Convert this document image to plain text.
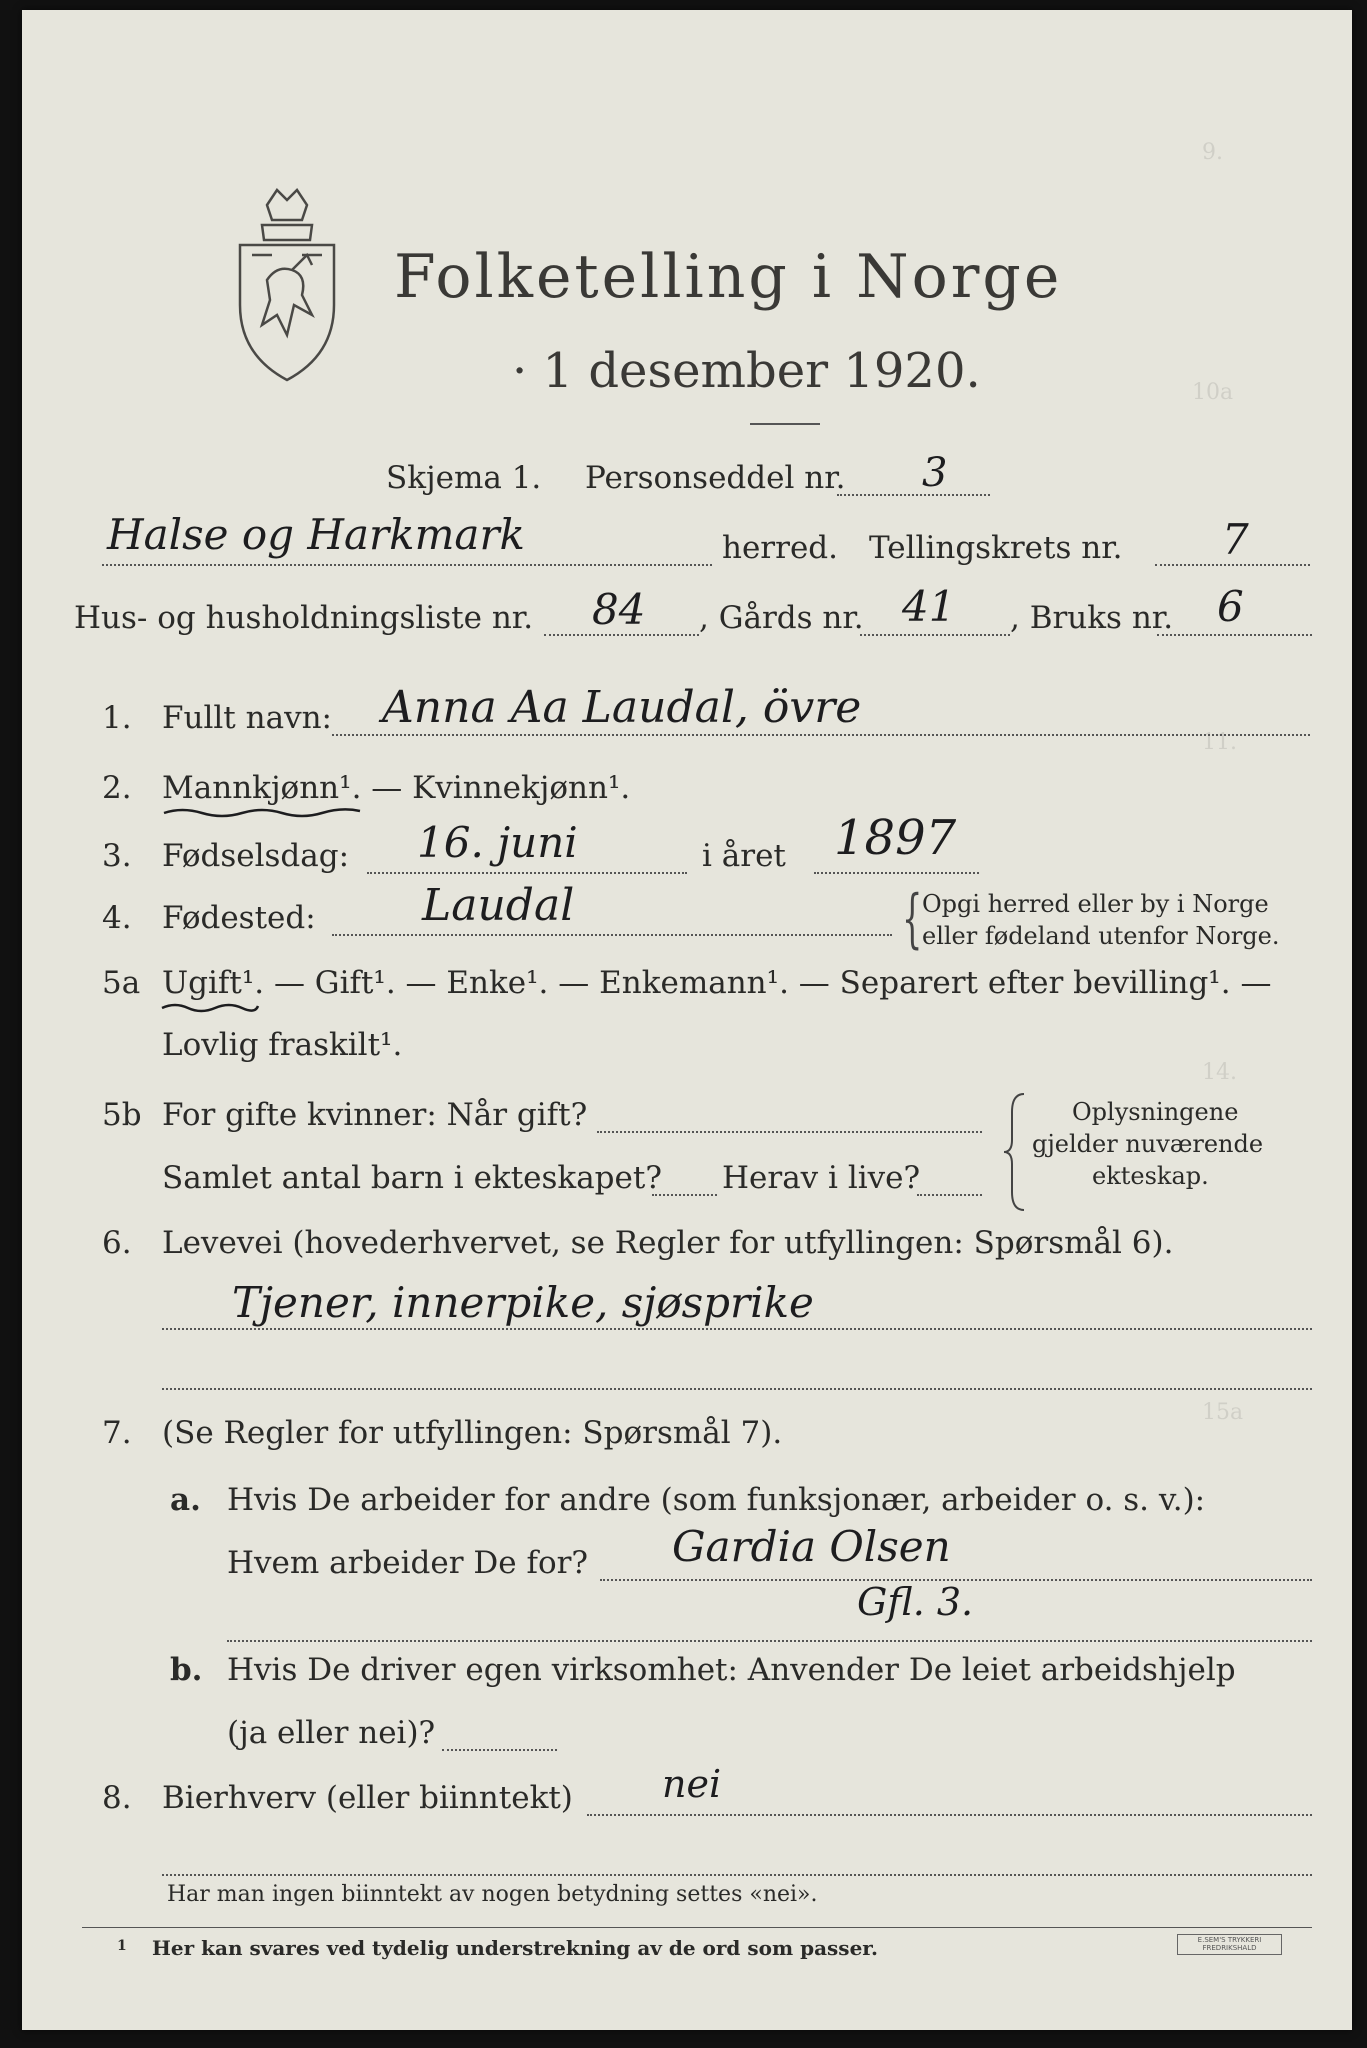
9.
10a
11.
14.
15a
Folketelling i Norge
· 1 desember 1920.
Skjema 1. Personseddel nr. 3
Halse og Harkmark	herred. Tellingskrets nr. 7
Hus- og husholdningsliste nr. 84 , Gårds nr. 41 , Bruks nr. 6
1. Fullt navn: Anna Aa Laudal, övre
2. Mannkjønn¹. — Kvinnekjønn¹.
3. Fødselsdag: 16. juni	i året 1897
4. Fødested: Laudal	{ Opgi herred eller by i Norge
eller fødeland utenfor Norge.
5a Ugift¹. — Gift¹. — Enke¹. — Enkemann¹. — Separert efter bevilling¹. —
Lovlig fraskilt¹.
5b For gifte kvinner: Når gift?
Samlet antal barn i ekteskapet? Herav i live?
Oplysningene
gjelder nuværende
ekteskap.
6. Levevei (hovederhvervet, se Regler for utfyllingen: Spørsmål 6).
Tjener, innerpike, sjøsprike
7. (Se Regler for utfyllingen: Spørsmål 7).
a. Hvis De arbeider for andre (som funksjonær, arbeider o. s. v.):
Hvem arbeider De for? Gardia Olsen
Gfl. 3.
b. Hvis De driver egen virksomhet: Anvender De leiet arbeidshjelp
(ja eller nei)?
8. Bierhverv (eller biinntekt) nei
Har man ingen biinntekt av nogen betydning settes «nei».
1 Her kan svares ved tydelig understrekning av de ord som passer.	E.SEM'S TRYKKERI
FREDRIKSHALD
